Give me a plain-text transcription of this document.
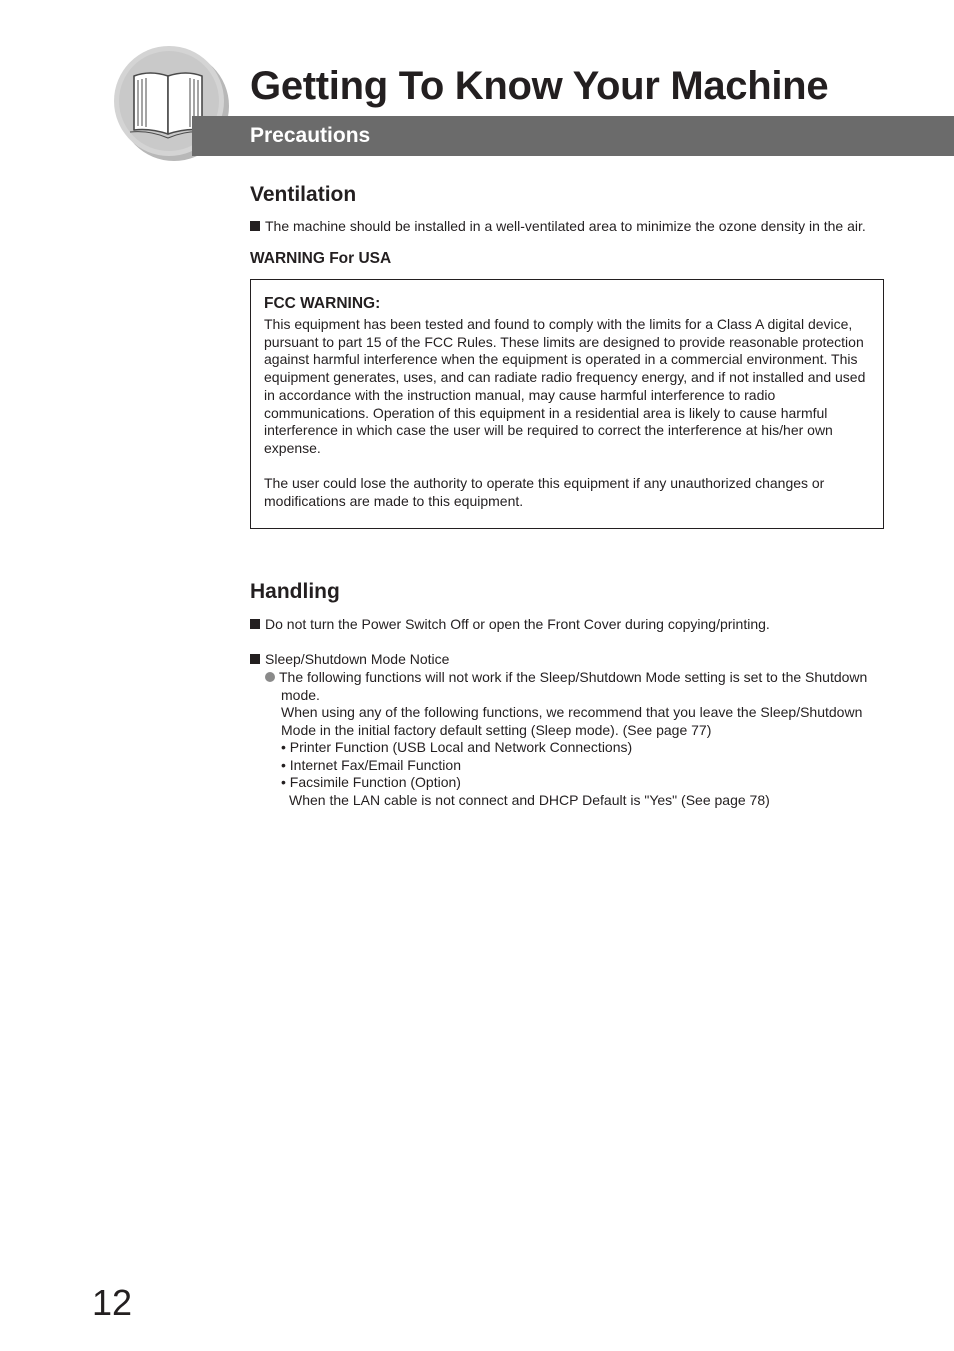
Getting To Know Your Machine
Precautions
Ventilation

The machine should be installed in a well-ventilated area to minimize the ozone density in the air.

WARNING For USA
FCC WARNING:

This equipment has been tested and found to comply with the limits for a Class A digital device, pursuant to part 15 of the FCC Rules. These limits are designed to provide reasonable protection against harmful interference when the equipment is operated in a commercial environment. This equipment generates, uses, and can radiate radio frequency energy, and if not installed and used in accordance with the instruction manual, may cause harmful interference to radio communications. Operation of this equipment in a residential area is likely to cause harmful interference in which case the user will be required to correct the interference at his/her own expense.

The user could lose the authority to operate this equipment if any unauthorized changes or modifications are made to this equipment.

Handling

Do not turn the Power Switch Off or open the Front Cover during copying/printing.

Sleep/Shutdown Mode Notice

The following functions will not work if the Sleep/Shutdown Mode setting is set to the Shutdown mode.

When using any of the following functions, we recommend that you leave the Sleep/Shutdown Mode in the initial factory default setting (Sleep mode). (See page 77)

• Printer Function (USB Local and Network Connections)

• Internet Fax/Email Function

• Facsimile Function (Option)

When the LAN cable is not connect and DHCP Default is "Yes" (See page 78)

12
